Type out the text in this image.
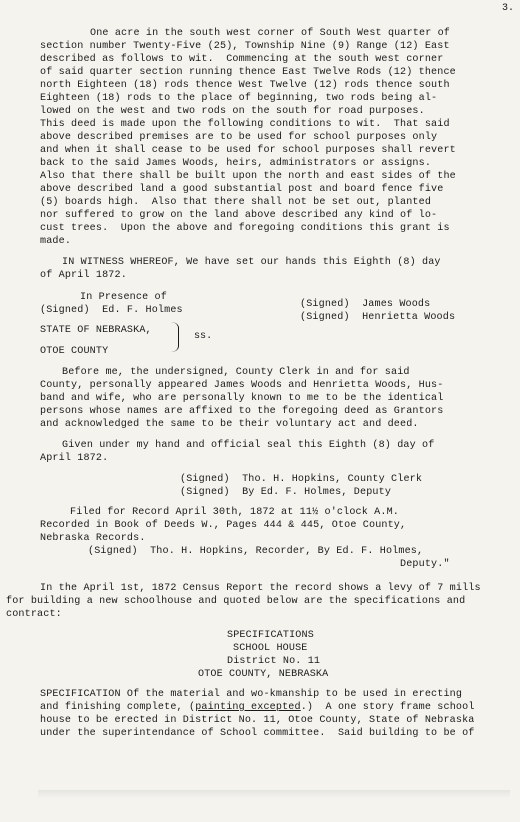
3.
One acre in the south west corner of South West quarter of
section number Twenty-Five (25), Township Nine (9) Range (12) East
described as follows to wit.  Commencing at the south west corner
of said quarter section running thence East Twelve Rods (12) thence
north Eighteen (18) rods thence West Twelve (12) rods thence south
Eighteen (18) rods to the place of beginning, two rods being al-
lowed on the west and two rods on the south for road purposes.
This deed is made upon the following conditions to wit.  That said
above described premises are to be used for school purposes only
and when it shall cease to be used for school purposes shall revert
back to the said James Woods, heirs, administrators or assigns.
Also that there shall be built upon the north and east sides of the
above described land a good substantial post and board fence five
(5) boards high.  Also that there shall not be set out, planted
nor suffered to grow on the land above described any kind of lo-
cust trees.  Upon the above and foregoing conditions this grant is
made.
IN WITNESS WHEREOF, We have set our hands this Eighth (8) day
of April 1872.
In Presence of
(Signed)  James Woods
(Signed)  Ed. F. Holmes
(Signed)  Henrietta Woods
STATE OF NEBRASKA,
OTOE COUNTY
ss.
Before me, the undersigned, County Clerk in and for said
County, personally appeared James Woods and Henrietta Woods, Hus-
band and wife, who are personally known to me to be the identical
persons whose names are affixed to the foregoing deed as Grantors
and acknowledged the same to be their voluntary act and deed.
Given under my hand and official seal this Eighth (8) day of
April 1872.
(Signed)  Tho. H. Hopkins, County Clerk
(Signed)  By Ed. F. Holmes, Deputy
Filed for Record April 30th, 1872 at 11½ o'clock A.M.
Recorded in Book of Deeds W., Pages 444 & 445, Otoe County,
Nebraska Records.
(Signed)  Tho. H. Hopkins, Recorder, By Ed. F. Holmes,
Deputy."
In the April 1st, 1872 Census Report the record shows a levy of 7 mills
for building a new schoolhouse and quoted below are the specifications and
contract:
SPECIFICATIONS
SCHOOL HOUSE
District No. 11
OTOE COUNTY, NEBRASKA
SPECIFICATION Of the material and wo-kmanship to be used in erecting
and finishing complete, (painting excepted.)  A one story frame school
house to be erected in District No. 11, Otoe County, State of Nebraska
under the superintendance of School committee.  Said building to be of
